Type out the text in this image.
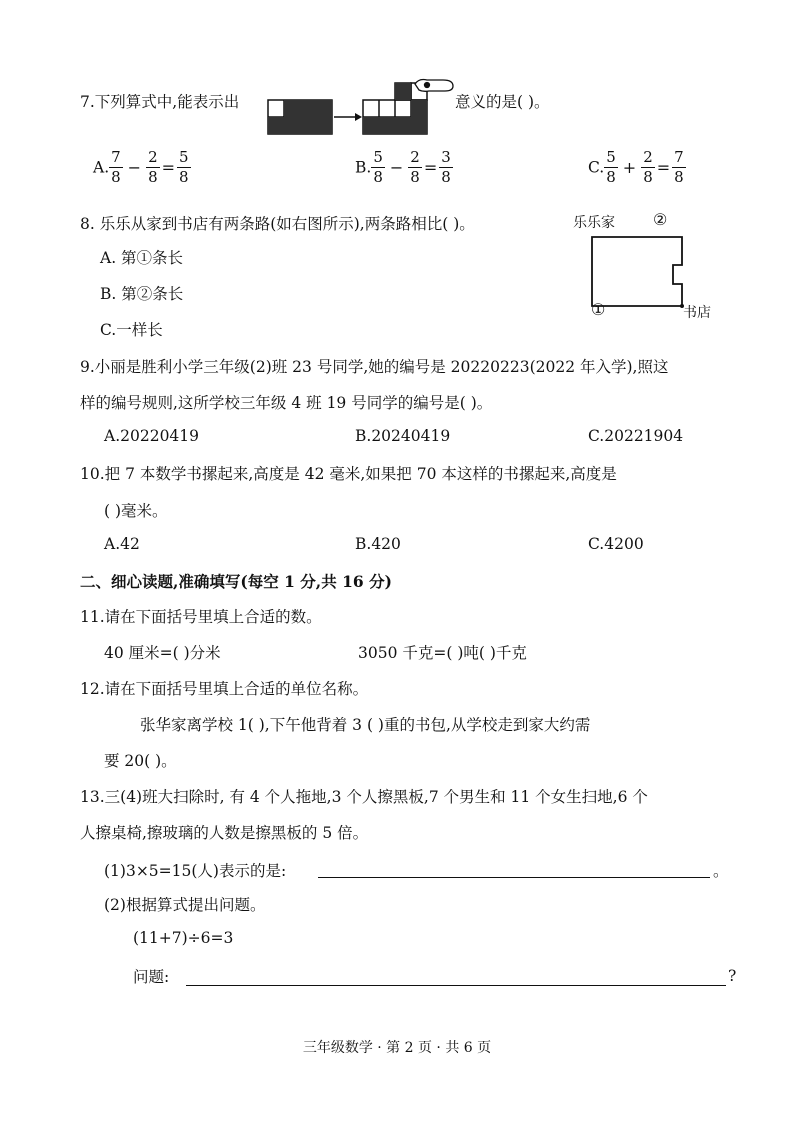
7.下列算式中,能表示出	意义的是( )。
A. $\frac{7}{8} - \frac{2}{8} = \frac{5}{8}$	B. $\frac{5}{8} - \frac{2}{8} = \frac{3}{8}$	C. $\frac{5}{8} + \frac{2}{8} = \frac{7}{8}$
8. 乐乐从家到书店有两条路(如右图所示),两条路相比( )。
A. 第①条长
B. 第②条长
C.一样长
乐乐家 ②
①	书店
9.小丽是胜利小学三年级(2)班 23 号同学,她的编号是 20220223(2022 年入学),照这
样的编号规则,这所学校三年级 4 班 19 号同学的编号是( )。
A.20220419	B.20240419	C.20221904
10.把 7 本数学书摞起来,高度是 42 毫米,如果把 70 本这样的书摞起来,高度是
( )毫米。
A.42	B.420	C.4200
二、细心读题,准确填写(每空 1 分,共 16 分)
11.请在下面括号里填上合适的数。
40 厘米=( )分米	3050 千克=( )吨( )千克
12.请在下面括号里填上合适的单位名称。
张华家离学校 1( ),下午他背着 3 ( )重的书包,从学校走到家大约需
要 20( )。
13.三(4)班大扫除时, 有 4 个人拖地,3 个人擦黑板,7 个男生和 11 个女生扫地,6 个
人擦桌椅,擦玻璃的人数是擦黑板的 5 倍。
(1)3×5=15(人)表示的是:	。
(2)根据算式提出问题。
(11+7)÷6=3
问题:	?
三年级数学 · 第 2 页 · 共 6 页
